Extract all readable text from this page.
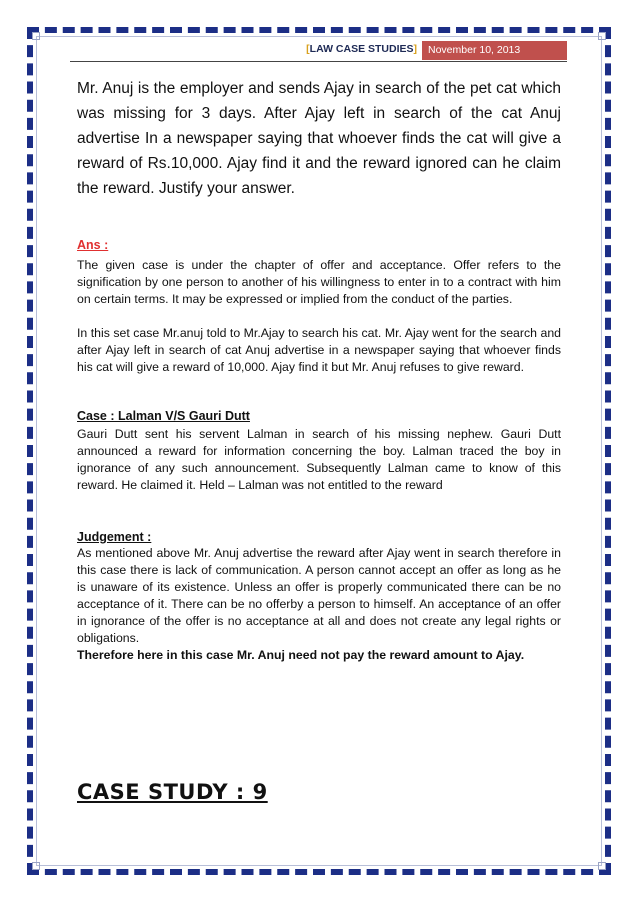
[LAW CASE STUDIES]	November 10, 2013

Mr. Anuj is the employer and sends Ajay in search of the pet cat which was missing for 3 days. After Ajay left in search of the cat Anuj advertise In a newspaper saying that whoever finds the cat will give a reward of Rs.10,000. Ajay find it and the reward ignored can he claim the reward. Justify your answer.

Ans :

The given case is under the chapter of offer and acceptance. Offer refers to the signification by one person to another of his willingness to enter in to a contract with him on certain terms. It may be expressed or implied from the conduct of the parties.

In this set case Mr.anuj told to Mr.Ajay to search his cat. Mr. Ajay went for the search and after Ajay left in search of cat Anuj advertise in a newspaper saying that whoever finds his cat will give a reward of 10,000. Ajay find it but Mr. Anuj refuses to give reward.

Case : Lalman V/S Gauri Dutt

Gauri Dutt sent his servent Lalman in search of his missing nephew. Gauri Dutt announced a reward for information concerning the boy. Lalman traced the boy in ignorance of any such announcement. Subsequently Lalman came to know of this reward. He claimed it. Held – Lalman was not entitled to the reward

Judgement :

As mentioned above Mr. Anuj advertise the reward after Ajay went in search therefore in this case there is lack of communication. A person cannot accept an offer as long as he is unaware of its existence. Unless an offer is properly communicated there can be no acceptance of it. There can be no offerby a person to himself. An acceptance of an offer in ignorance of the offer is no acceptance at all and does not create any legal rights or obligations.

Therefore here in this case Mr. Anuj need not pay the reward amount to Ajay.

CASE STUDY : 9
